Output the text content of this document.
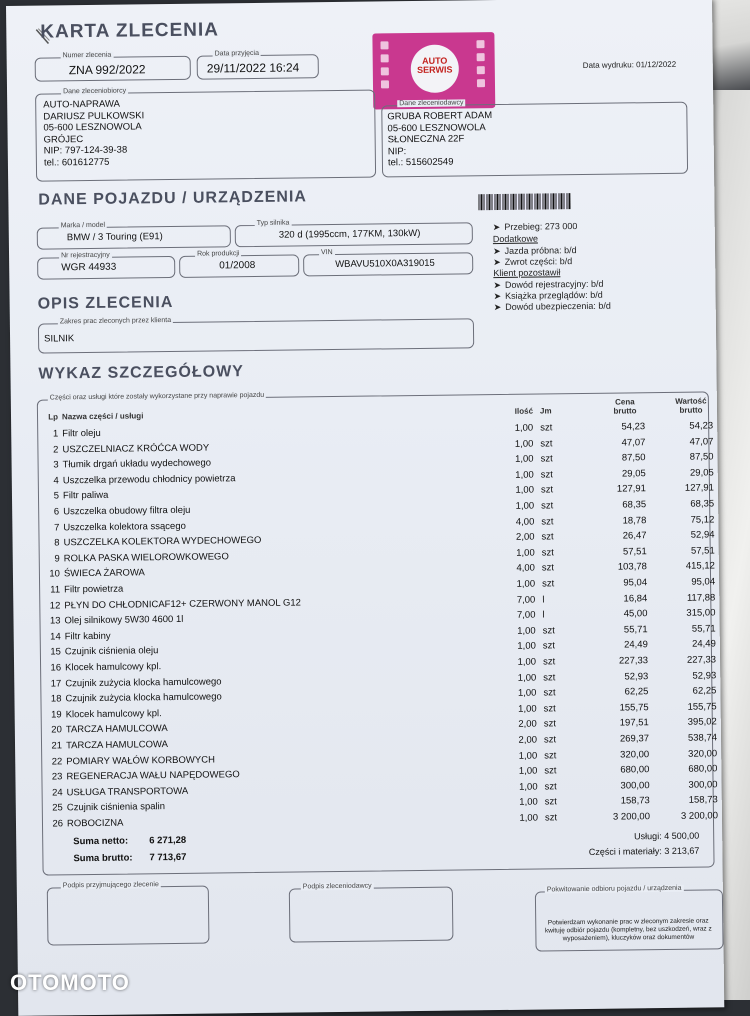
KARTA ZLECENIA
Numer zlecenia
ZNA 992/2022
Data przyjęcia
29/11/2022 16:24	Data wydruku: 01/12/2022
AUTO SERWIS
Dane zleceniobiorcy
AUTO-NAPRAWA
DARIUSZ PULKOWSKI
05-600 LESZNOWOLA
GRÓJEC
NIP: 797-124-39-38
tel.: 601612775
Dane zleceniodawcy
GRUBA ROBERT ADAM
05-600 LESZNOWOLA
SŁONECZNA 22F
NIP:
tel.: 515602549
DANE POJAZDU / URZĄDZENIA
Marka / model
BMW / 3 Touring (E91)
Typ silnika
320 d (1995ccm, 177KM, 130kW)
Nr rejestracyjny
WGR 44933
Rok produkcji
01/2008
VIN
WBAVU510X0A319015
➤ Przebieg: 273 000
Dodatkowe
➤ Jazda próbna: b/d
➤ Zwrot części: b/d
Klient pozostawił
➤ Dowód rejestracyjny: b/d
➤ Książka przeglądów: b/d
➤ Dowód ubezpieczenia: b/d
OPIS ZLECENIA
Zakres prac zleconych przez klienta
SILNIK
WYKAZ SZCZEGÓŁOWY
Części oraz usługi które zostały wykorzystane przy naprawie pojazdu
Lp Nazwa części / usługi
Ilość Jm
Cena brutto
Wartość brutto
1 Filtr oleju	1,00 szt	54,23	54,23
2 USZCZELNIACZ KRÓĆCA WODY	1,00 szt	47,07	47,07
3 Tłumik drgań układu wydechowego	1,00 szt	87,50	87,50
4 Uszczelka przewodu chłodnicy powietrza	1,00 szt	29,05	29,05
5 Filtr paliwa	1,00 szt	127,91	127,91
6 Uszczelka obudowy filtra oleju	1,00 szt	68,35	68,35
7 Uszczelka kolektora ssącego	4,00 szt	18,78	75,12
8 USZCZELKA KOLEKTORA WYDECHOWEGO	2,00 szt	26,47	52,94
9 ROLKA PASKA WIELOROWKOWEGO	1,00 szt	57,51	57,51
10 ŚWIECA ŻAROWA	4,00 szt	103,78	415,12
11 Filtr powietrza	1,00 szt	95,04	95,04
12 PŁYN DO CHŁODNICAF12+ CZERWONY MANOL G12	7,00 l	16,84	117,88
13 Olej silnikowy 5W30 4600 1l	7,00 l	45,00	315,00
14 Filtr kabiny	1,00 szt	55,71	55,71
15 Czujnik ciśnienia oleju	1,00 szt	24,49	24,49
16 Klocek hamulcowy kpl.	1,00 szt	227,33	227,33
17 Czujnik zużycia klocka hamulcowego	1,00 szt	52,93	52,93
18 Czujnik zużycia klocka hamulcowego	1,00 szt	62,25	62,25
19 Klocek hamulcowy kpl.	1,00 szt	155,75	155,75
20 TARCZA HAMULCOWA	2,00 szt	197,51	395,02
21 TARCZA HAMULCOWA	2,00 szt	269,37	538,74
22 POMIARY WAŁÓW KORBOWYCH	1,00 szt	320,00	320,00
23 REGENERACJA WAŁU NAPĘDOWEGO	1,00 szt	680,00	680,00
24 USŁUGA TRANSPORTOWA	1,00 szt	300,00	300,00
25 Czujnik ciśnienia spalin	1,00 szt	158,73	158,73
26 ROBOCIZNA	1,00 szt	3 200,00	3 200,00
Suma netto: 6 271,28
Suma brutto: 7 713,67
Usługi: 4 500,00
Części i materiały: 3 213,67
Podpis przyjmującego zlecenie	Podpis zleceniodawcy	Pokwitowanie odbioru pojazdu / urządzenia
Potwierdzam wykonanie prac w zleconym zakresie oraz kwituję odbiór pojazdu (kompletny, bez uszkodzeń, wraz z wyposażeniem), kluczyków oraz dokumentów
OTOMOTO
